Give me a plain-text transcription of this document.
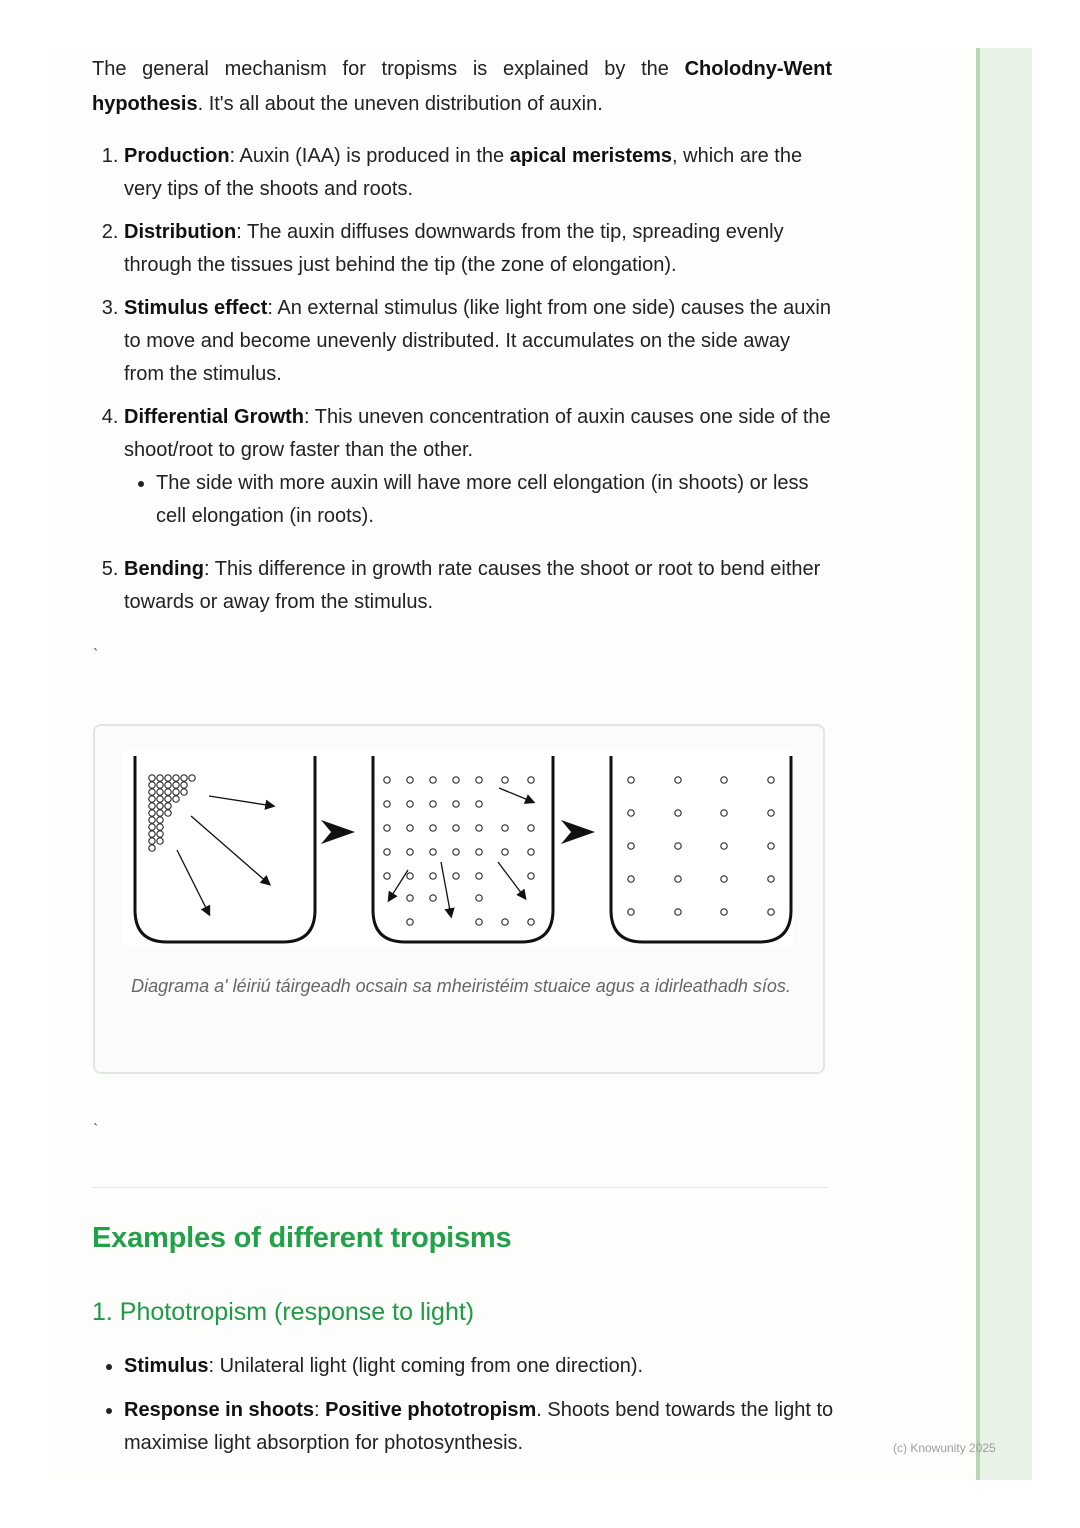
The general mechanism for tropisms is explained by the Cholodny-Went hypothesis. It's all about the uneven distribution of auxin.

1. Production: Auxin (IAA) is produced in the apical meristems, which are the very tips of the shoots and roots.
2. Distribution: The auxin diffuses downwards from the tip, spreading evenly through the tissues just behind the tip (the zone of elongation).
3. Stimulus effect: An external stimulus (like light from one side) causes the auxin to move and become unevenly distributed. It accumulates on the side away from the stimulus.
4. Differential Growth: This uneven concentration of auxin causes one side of the shoot/root to grow faster than the other.
• The side with more auxin will have more cell elongation (in shoots) or less cell elongation (in roots).
5. Bending: This difference in growth rate causes the shoot or root to bend either towards or away from the stimulus.
`
Diagrama a' léiriú táirgeadh ocsain sa mheiristéim stuaice agus a idirleathadh síos.
`
Examples of different tropisms
1. Phototropism (response to light)
• Stimulus: Unilateral light (light coming from one direction).
• Response in shoots: Positive phototropism. Shoots bend towards the light to maximise light absorption for photosynthesis.	(c) Knowunity 2025
